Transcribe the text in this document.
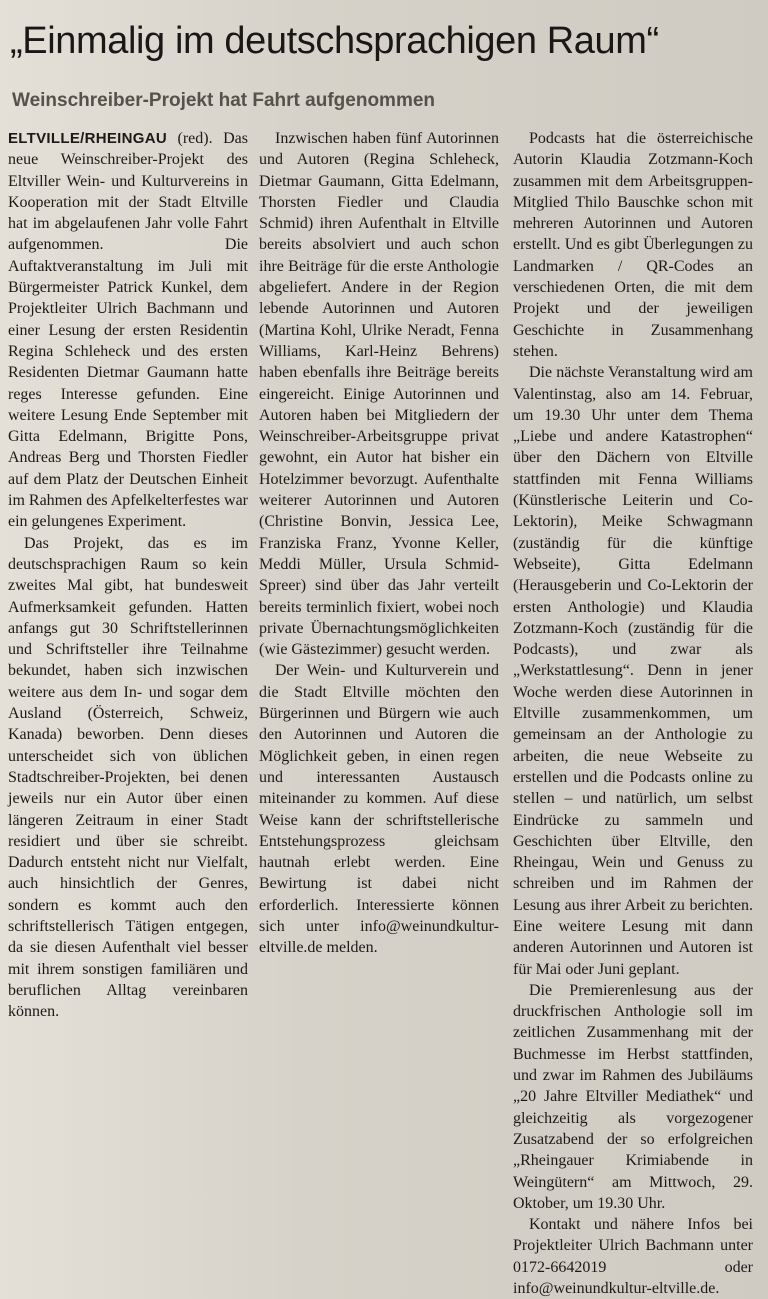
„Einmalig im deutschsprachigen Raum“
Weinschreiber-Projekt hat Fahrt aufgenommen

ELTVILLE/RHEINGAU (red). Das neue Weinschreiber-Projekt des Eltviller Wein- und Kulturvereins in Kooperation mit der Stadt Eltville hat im abgelaufenen Jahr volle Fahrt aufgenommen. Die Auftaktveranstaltung im Juli mit Bürgermeister Patrick Kunkel, dem Projektleiter Ulrich Bachmann und einer Lesung der ersten Residentin Regina Schleheck und des ersten Residenten Dietmar Gaumann hatte reges Interesse gefunden. Eine weitere Lesung Ende September mit Gitta Edelmann, Brigitte Pons, Andreas Berg und Thorsten Fiedler auf dem Platz der Deutschen Einheit im Rahmen des Apfelkelterfestes war ein gelungenes Experiment.

Das Projekt, das es im deutschsprachigen Raum so kein zweites Mal gibt, hat bundesweit Aufmerksamkeit gefunden. Hatten anfangs gut 30 Schriftstellerinnen und Schriftsteller ihre Teilnahme bekundet, haben sich inzwischen weitere aus dem In- und sogar dem Ausland (Österreich, Schweiz, Kanada) beworben. Denn dieses unterscheidet sich von üblichen Stadtschreiber-Projekten, bei denen jeweils nur ein Autor über einen längeren Zeitraum in einer Stadt residiert und über sie schreibt. Dadurch entsteht nicht nur Vielfalt, auch hinsichtlich der Genres, sondern es kommt auch den schriftstellerisch Tätigen entgegen, da sie diesen Aufenthalt viel besser mit ihrem sonstigen familiären und beruflichen Alltag vereinbaren können.

Inzwischen haben fünf Autorinnen und Autoren (Regina Schleheck, Dietmar Gaumann, Gitta Edelmann, Thorsten Fiedler und Claudia Schmid) ihren Aufenthalt in Eltville bereits absolviert und auch schon ihre Beiträge für die erste Anthologie abgeliefert. Andere in der Region lebende Autorinnen und Autoren (Martina Kohl, Ulrike Neradt, Fenna Williams, Karl-Heinz Behrens) haben ebenfalls ihre Beiträge bereits eingereicht. Einige Autorinnen und Autoren haben bei Mitgliedern der Weinschreiber-Arbeitsgruppe privat gewohnt, ein Autor hat bisher ein Hotelzimmer bevorzugt. Aufenthalte weiterer Autorinnen und Autoren (Christine Bonvin, Jessica Lee, Franziska Franz, Yvonne Keller, Meddi Müller, Ursula Schmid-Spreer) sind über das Jahr verteilt bereits terminlich fixiert, wobei noch private Übernachtungsmöglichkeiten (wie Gästezimmer) gesucht werden.

Der Wein- und Kulturverein und die Stadt Eltville möchten den Bürgerinnen und Bürgern wie auch den Autorinnen und Autoren die Möglichkeit geben, in einen regen und interessanten Austausch miteinander zu kommen. Auf diese Weise kann der schriftstellerische Entstehungsprozess gleichsam hautnah erlebt werden. Eine Bewirtung ist dabei nicht erforderlich. Interessierte können sich unter info@weinundkultur-eltville.de melden.

Podcasts hat die österreichische Autorin Klaudia Zotzmann-Koch zusammen mit dem Arbeitsgruppen-Mitglied Thilo Bauschke schon mit mehreren Autorinnen und Autoren erstellt. Und es gibt Überlegungen zu Landmarken / QR-Codes an verschiedenen Orten, die mit dem Projekt und der jeweiligen Geschichte in Zusammenhang stehen.

Die nächste Veranstaltung wird am Valentinstag, also am 14. Februar, um 19.30 Uhr unter dem Thema „Liebe und andere Katastrophen“ über den Dächern von Eltville stattfinden mit Fenna Williams (Künstlerische Leiterin und Co-Lektorin), Meike Schwagmann (zuständig für die künftige Webseite), Gitta Edelmann (Herausgeberin und Co-Lektorin der ersten Anthologie) und Klaudia Zotzmann-Koch (zuständig für die Podcasts), und zwar als „Werkstattlesung“. Denn in jener Woche werden diese Autorinnen in Eltville zusammenkommen, um gemeinsam an der Anthologie zu arbeiten, die neue Webseite zu erstellen und die Podcasts online zu stellen – und natürlich, um selbst Eindrücke zu sammeln und Geschichten über Eltville, den Rheingau, Wein und Genuss zu schreiben und im Rahmen der Lesung aus ihrer Arbeit zu berichten. Eine weitere Lesung mit dann anderen Autorinnen und Autoren ist für Mai oder Juni geplant.

Die Premierenlesung aus der druckfrischen Anthologie soll im zeitlichen Zusammenhang mit der Buchmesse im Herbst stattfinden, und zwar im Rahmen des Jubiläums „20 Jahre Eltviller Mediathek“ und gleichzeitig als vorgezogener Zusatzabend der so erfolgreichen „Rheingauer Krimiabende in Weingütern“ am Mittwoch, 29. Oktober, um 19.30 Uhr.

Kontakt und nähere Infos bei Projektleiter Ulrich Bachmann unter 0172-6642019 oder info@weinundkultur-eltville.de.
